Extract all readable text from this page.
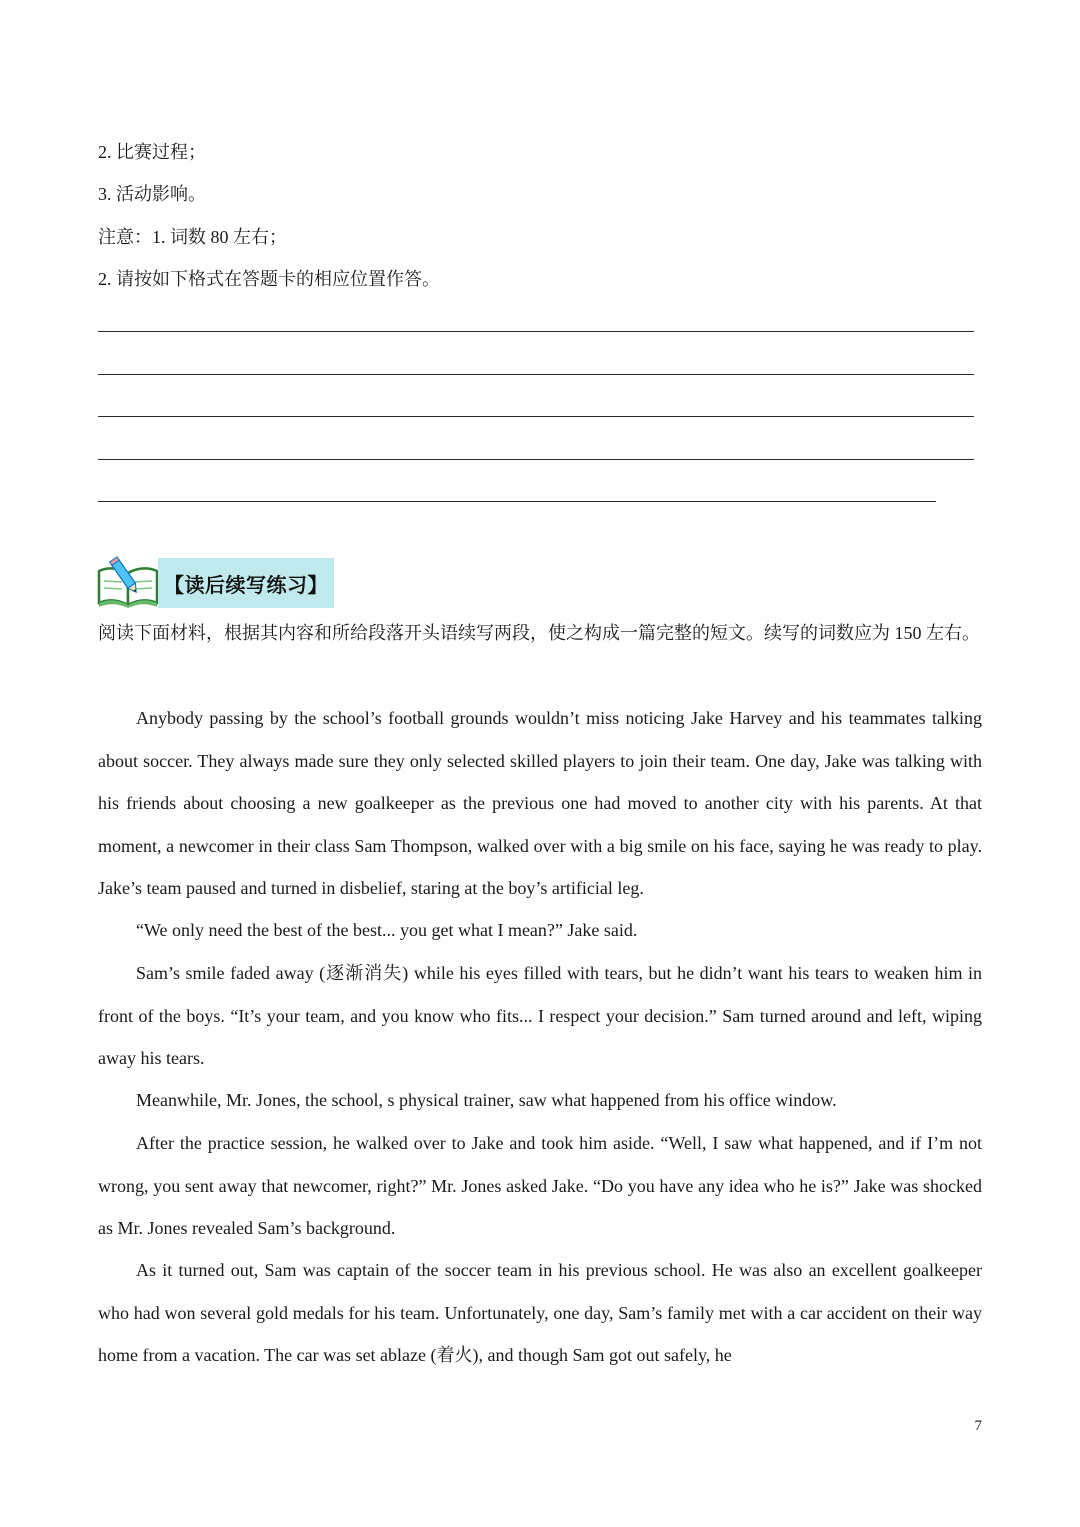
2. 比赛过程；

3. 活动影响。

注意：1. 词数 80 左右；

2. 请按如下格式在答题卡的相应位置作答。

【读后续写练习】

阅读下面材料，根据其内容和所给段落开头语续写两段，使之构成一篇完整的短文。续写的词数应为 150 左右。

Anybody passing by the school’s football grounds wouldn’t miss noticing Jake Harvey and his teammates talking about soccer. They always made sure they only selected skilled players to join their team. One day, Jake was talking with his friends about choosing a new goalkeeper as the previous one had moved to another city with his parents. At that moment, a newcomer in their class Sam Thompson, walked over with a big smile on his face, saying he was ready to play. Jake’s team paused and turned in disbelief, staring at the boy’s artificial leg.

“We only need the best of the best... you get what I mean?” Jake said.

Sam’s smile faded away (逐渐消失) while his eyes filled with tears, but he didn’t want his tears to weaken him in front of the boys. “It’s your team, and you know who fits... I respect your decision.” Sam turned around and left, wiping away his tears.

Meanwhile, Mr. Jones, the school, s physical trainer, saw what happened from his office window.

After the practice session, he walked over to Jake and took him aside. “Well, I saw what happened, and if I’m not wrong, you sent away that newcomer, right?” Mr. Jones asked Jake. “Do you have any idea who he is?” Jake was shocked as Mr. Jones revealed Sam’s background.

As it turned out, Sam was captain of the soccer team in his previous school. He was also an excellent goalkeeper who had won several gold medals for his team. Unfortunately, one day, Sam’s family met with a car accident on their way home from a vacation. The car was set ablaze (着火), and though Sam got out safely, he

7
